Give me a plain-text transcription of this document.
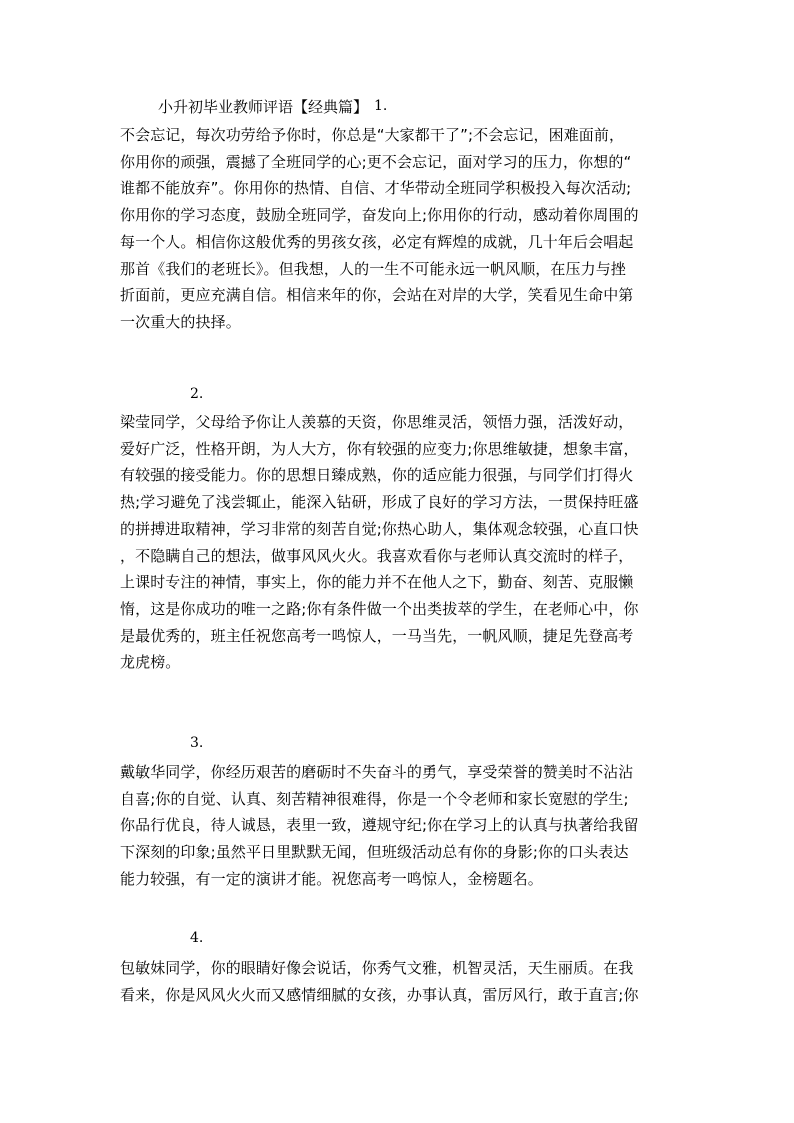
小升初毕业教师评语【经典篇】 1.
不会忘记，每次功劳给予你时，你总是“大家都干了”;不会忘记，困难面前，
你用你的顽强，震撼了全班同学的心;更不会忘记，面对学习的压力，你想的“
谁都不能放弃”。你用你的热情、自信、才华带动全班同学积极投入每次活动;
你用你的学习态度，鼓励全班同学，奋发向上;你用你的行动，感动着你周围的
每一个人。相信你这般优秀的男孩女孩，必定有辉煌的成就，几十年后会唱起
那首《我们的老班长》。但我想，人的一生不可能永远一帆风顺，在压力与挫
折面前，更应充满自信。相信来年的你，会站在对岸的大学，笑看见生命中第
一次重大的抉择。
2.
梁莹同学，父母给予你让人羡慕的天资，你思维灵活，领悟力强，活泼好动，
爱好广泛，性格开朗，为人大方，你有较强的应变力;你思维敏捷，想象丰富，
有较强的接受能力。你的思想日臻成熟，你的适应能力很强，与同学们打得火
热;学习避免了浅尝辄止，能深入钻研，形成了良好的学习方法，一贯保持旺盛
的拼搏进取精神，学习非常的刻苦自觉;你热心助人，集体观念较强，心直口快
，不隐瞒自己的想法，做事风风火火。我喜欢看你与老师认真交流时的样子，
上课时专注的神情，事实上，你的能力并不在他人之下，勤奋、刻苦、克服懒
惰，这是你成功的唯一之路;你有条件做一个出类拔萃的学生，在老师心中，你
是最优秀的，班主任祝您高考一鸣惊人，一马当先，一帆风顺，捷足先登高考
龙虎榜。
3.
戴敏华同学，你经历艰苦的磨砺时不失奋斗的勇气，享受荣誉的赞美时不沾沾
自喜;你的自觉、认真、刻苦精神很难得，你是一个令老师和家长宽慰的学生;
你品行优良，待人诚恳，表里一致，遵规守纪;你在学习上的认真与执著给我留
下深刻的印象;虽然平日里默默无闻，但班级活动总有你的身影;你的口头表达
能力较强，有一定的演讲才能。祝您高考一鸣惊人，金榜题名。
4.
包敏妹同学，你的眼睛好像会说话，你秀气文雅，机智灵活，天生丽质。在我
看来，你是风风火火而又感情细腻的女孩，办事认真，雷厉风行，敢于直言;你
